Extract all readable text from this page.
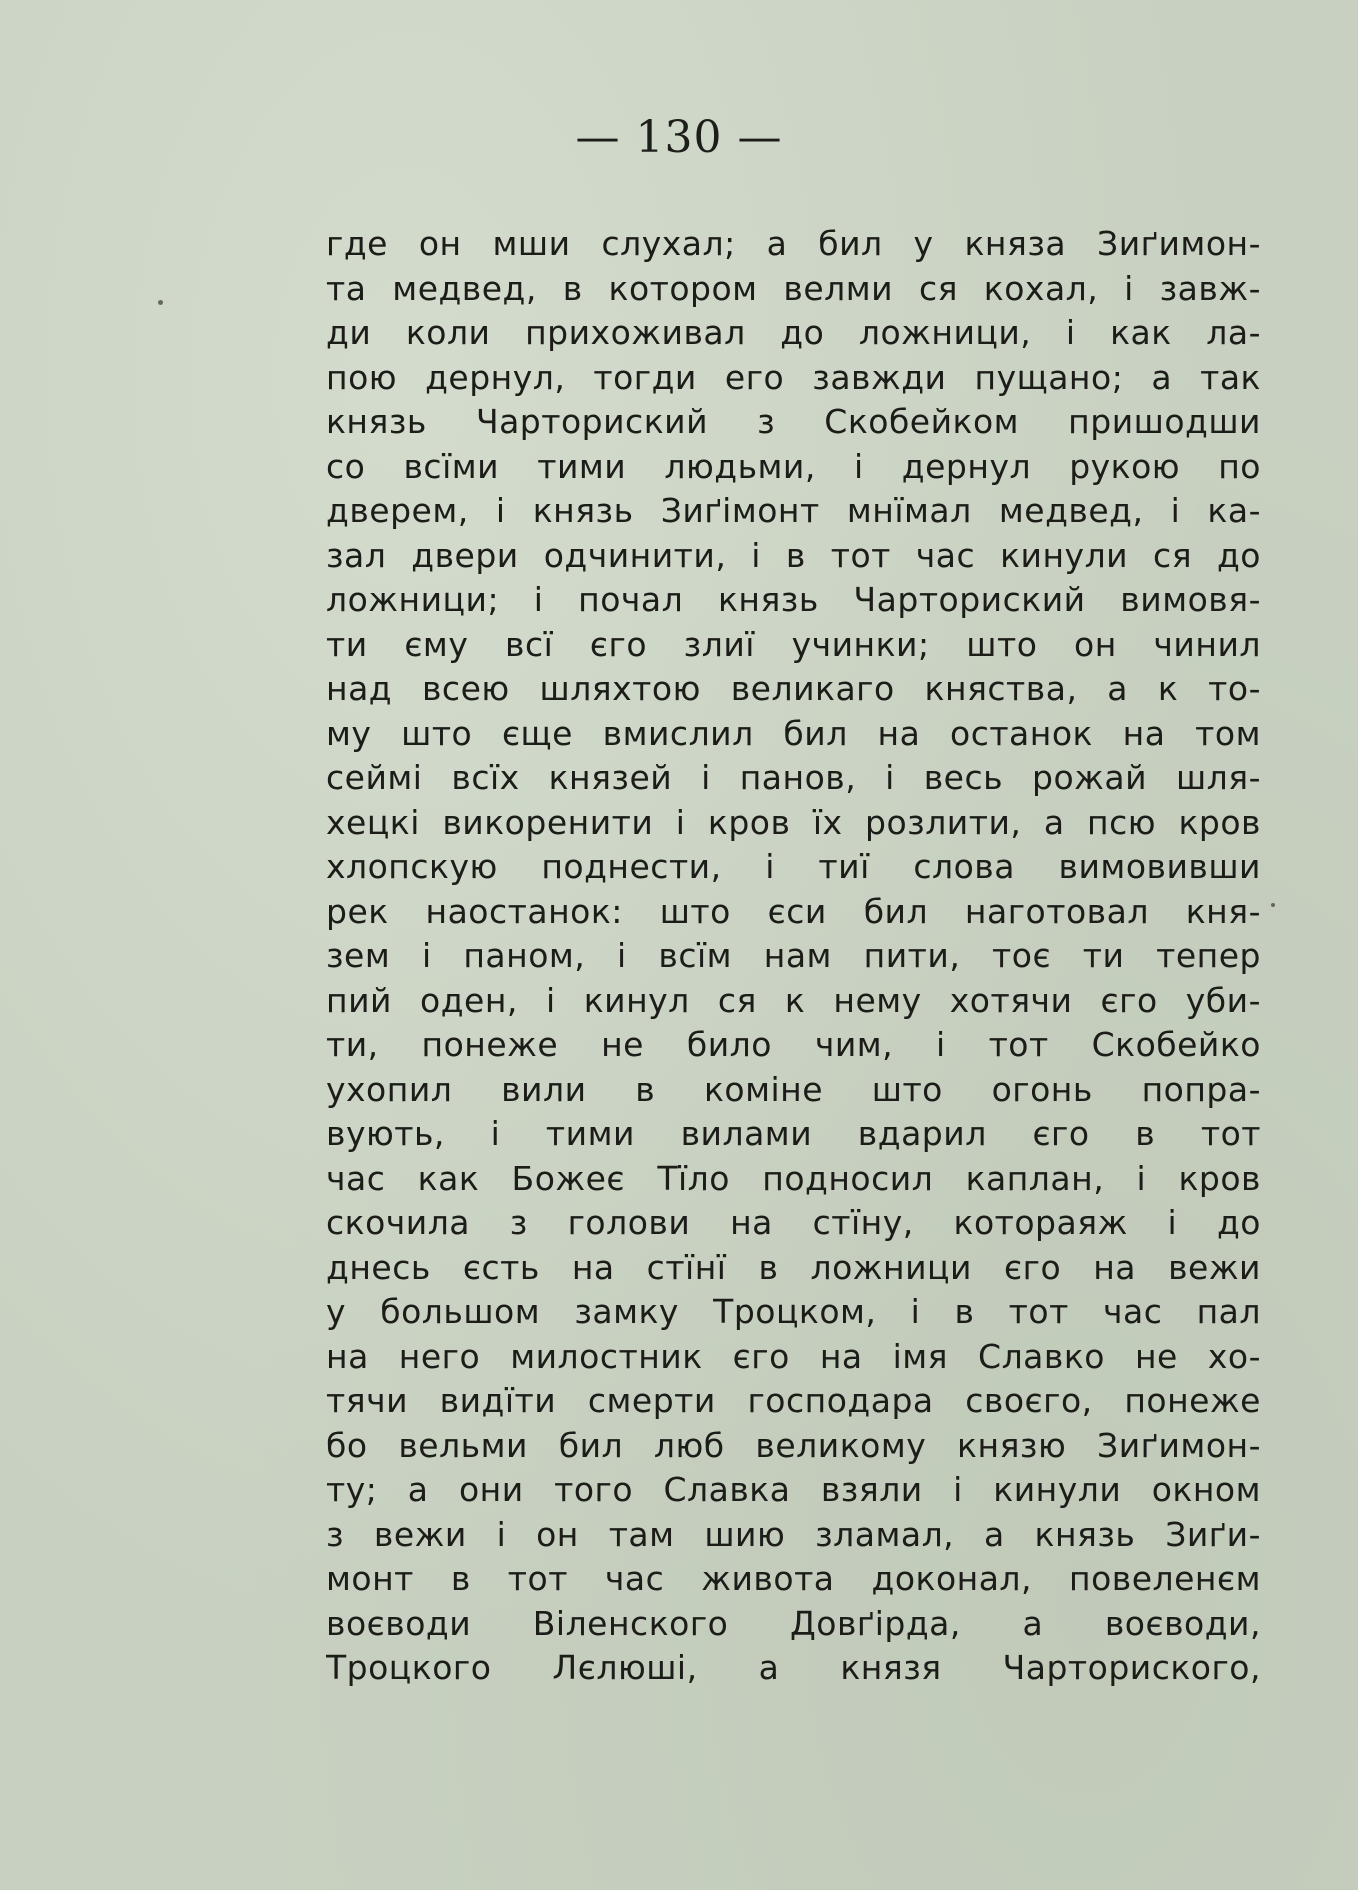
— 130 —
где он мши слухал; а бил у княза Зиґимон-
та медвед, в котором велми ся кохал, і завж-
ди коли прихоживал до ложници, і как ла-
пою дернул, тогди его завжди пущано; а так
князь Чарториский з Скобейком пришодши
со всїми тими людьми, і дернул рукою по
дверем, і князь Зиґімонт мнїмал медвед, і ка-
зал двери одчинити, і в тот час кинули ся до
ложници; і почал князь Чарториский вимовя-
ти єму всї єго злиї учинки; што он чинил
над всею шляхтою великаго княства, а к то-
му што єще вмислил бил на останок на том
сеймі всїх князей і панов, і весь рожай шля-
хецкі викоренити і кров їх розлити, а псю кров
хлопскую поднести, і тиї слова вимовивши
рек наостанок: што єси бил наготовал кня-
зем і паном, і всїм нам пити, тоє ти тепер
пий оден, і кинул ся к нему хотячи єго уби-
ти, понеже не било чим, і тот Скобейко
ухопил вили в коміне што огонь попра-
вують, і тими вилами вдарил єго в тот
час как Божеє Тїло подносил каплан, і кров
скочила з голови на стїну, котораяж і до
днесь єсть на стїнї в ложници єго на вежи
у большом замку Троцком, і в тот час пал
на него милостник єго на імя Славко не хо-
тячи видїти смерти господара своєго, понеже
бо вельми бил люб великому князю Зиґимон-
ту; а они того Славка взяли і кинули окном
з вежи і он там шию зламал, а князь Зиґи-
монт в тот час живота доконал, повеленєм
воєводи Віленского Довґірда, а воєводи,
Троцкого Лєлюші, а князя Чарториского,
